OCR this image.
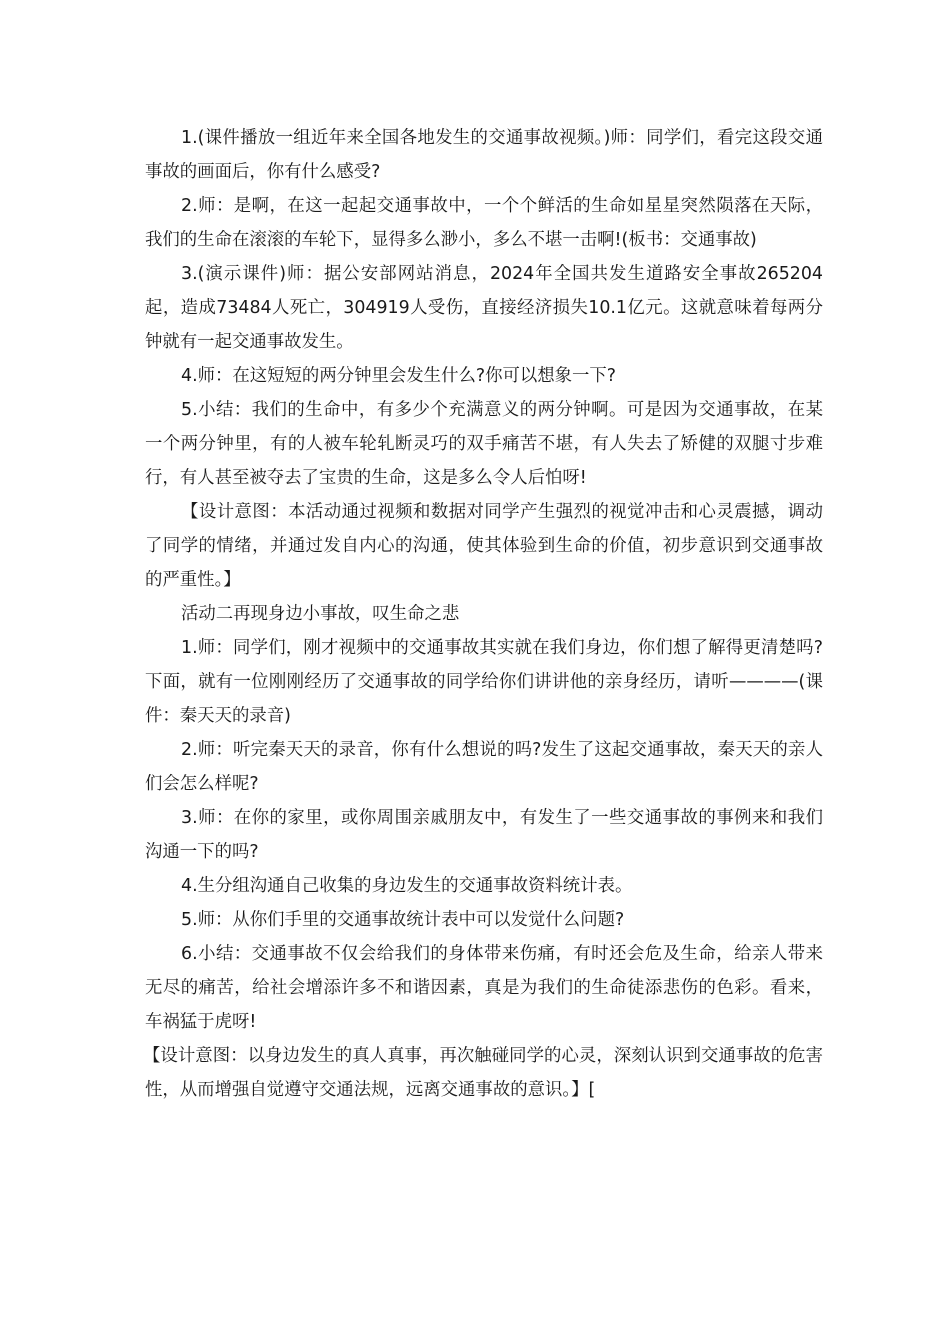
1.(课件播放一组近年来全国各地发生的交通事故视频。)师：同学们，看完这段交通事故的画面后，你有什么感受?

2.师：是啊，在这一起起交通事故中，一个个鲜活的生命如星星突然陨落在天际，我们的生命在滚滚的车轮下，显得多么渺小，多么不堪一击啊!(板书：交通事故)

3.(演示课件)师：据公安部网站消息，2024年全国共发生道路安全事故265204起，造成73484人死亡，304919人受伤，直接经济损失10.1亿元。这就意味着每两分钟就有一起交通事故发生。

4.师：在这短短的两分钟里会发生什么?你可以想象一下?

5.小结：我们的生命中，有多少个充满意义的两分钟啊。可是因为交通事故，在某一个两分钟里，有的人被车轮轧断灵巧的双手痛苦不堪，有人失去了矫健的双腿寸步难行，有人甚至被夺去了宝贵的生命，这是多么令人后怕呀!

【设计意图：本活动通过视频和数据对同学产生强烈的视觉冲击和心灵震撼，调动了同学的情绪，并通过发自内心的沟通，使其体验到生命的价值，初步意识到交通事故的严重性。】

活动二再现身边小事故，叹生命之悲

1.师：同学们，刚才视频中的交通事故其实就在我们身边，你们想了解得更清楚吗?下面，就有一位刚刚经历了交通事故的同学给你们讲讲他的亲身经历，请听————(课件：秦天天的录音)

2.师：听完秦天天的录音，你有什么想说的吗?发生了这起交通事故，秦天天的亲人们会怎么样呢?

3.师：在你的家里，或你周围亲戚朋友中，有发生了一些交通事故的事例来和我们沟通一下的吗?

4.生分组沟通自己收集的身边发生的交通事故资料统计表。

5.师：从你们手里的交通事故统计表中可以发觉什么问题?

6.小结：交通事故不仅会给我们的身体带来伤痛，有时还会危及生命，给亲人带来无尽的痛苦，给社会增添许多不和谐因素，真是为我们的生命徒添悲伤的色彩。看来，车祸猛于虎呀!

【设计意图：以身边发生的真人真事，再次触碰同学的心灵，深刻认识到交通事故的危害性，从而增强自觉遵守交通法规，远离交通事故的意识。】[
